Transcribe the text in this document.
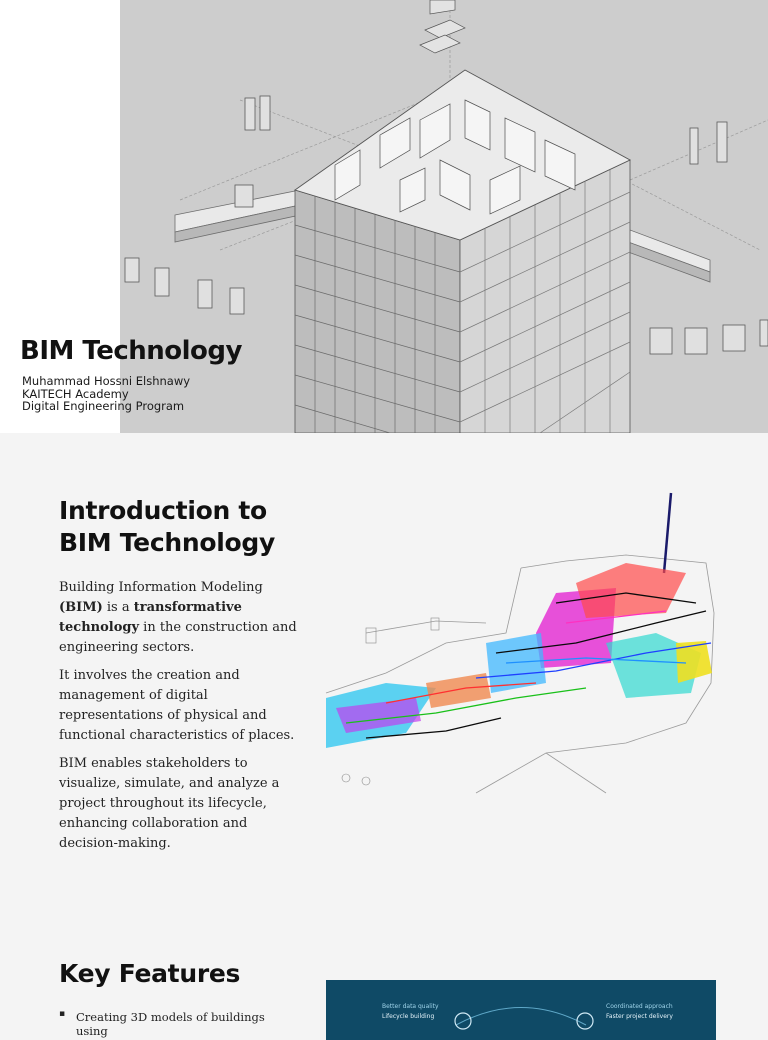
BIM Technology
Muhammad Hossni Elshnawy
KAITECH Academy
Digital Engineering Program
Introduction to
BIM Technology

Building Information Modeling (BIM) is a transformative technology in the construction and engineering sectors.

It involves the creation and management of digital representations of physical and functional characteristics of places.

BIM enables stakeholders to visualize, simulate, and analyze a project throughout its lifecycle, enhancing collaboration and decision-making.

Key Features
▪ Creating 3D models of buildings using
Better data quality
Lifecycle building
Coordinated approach
Faster project delivery
